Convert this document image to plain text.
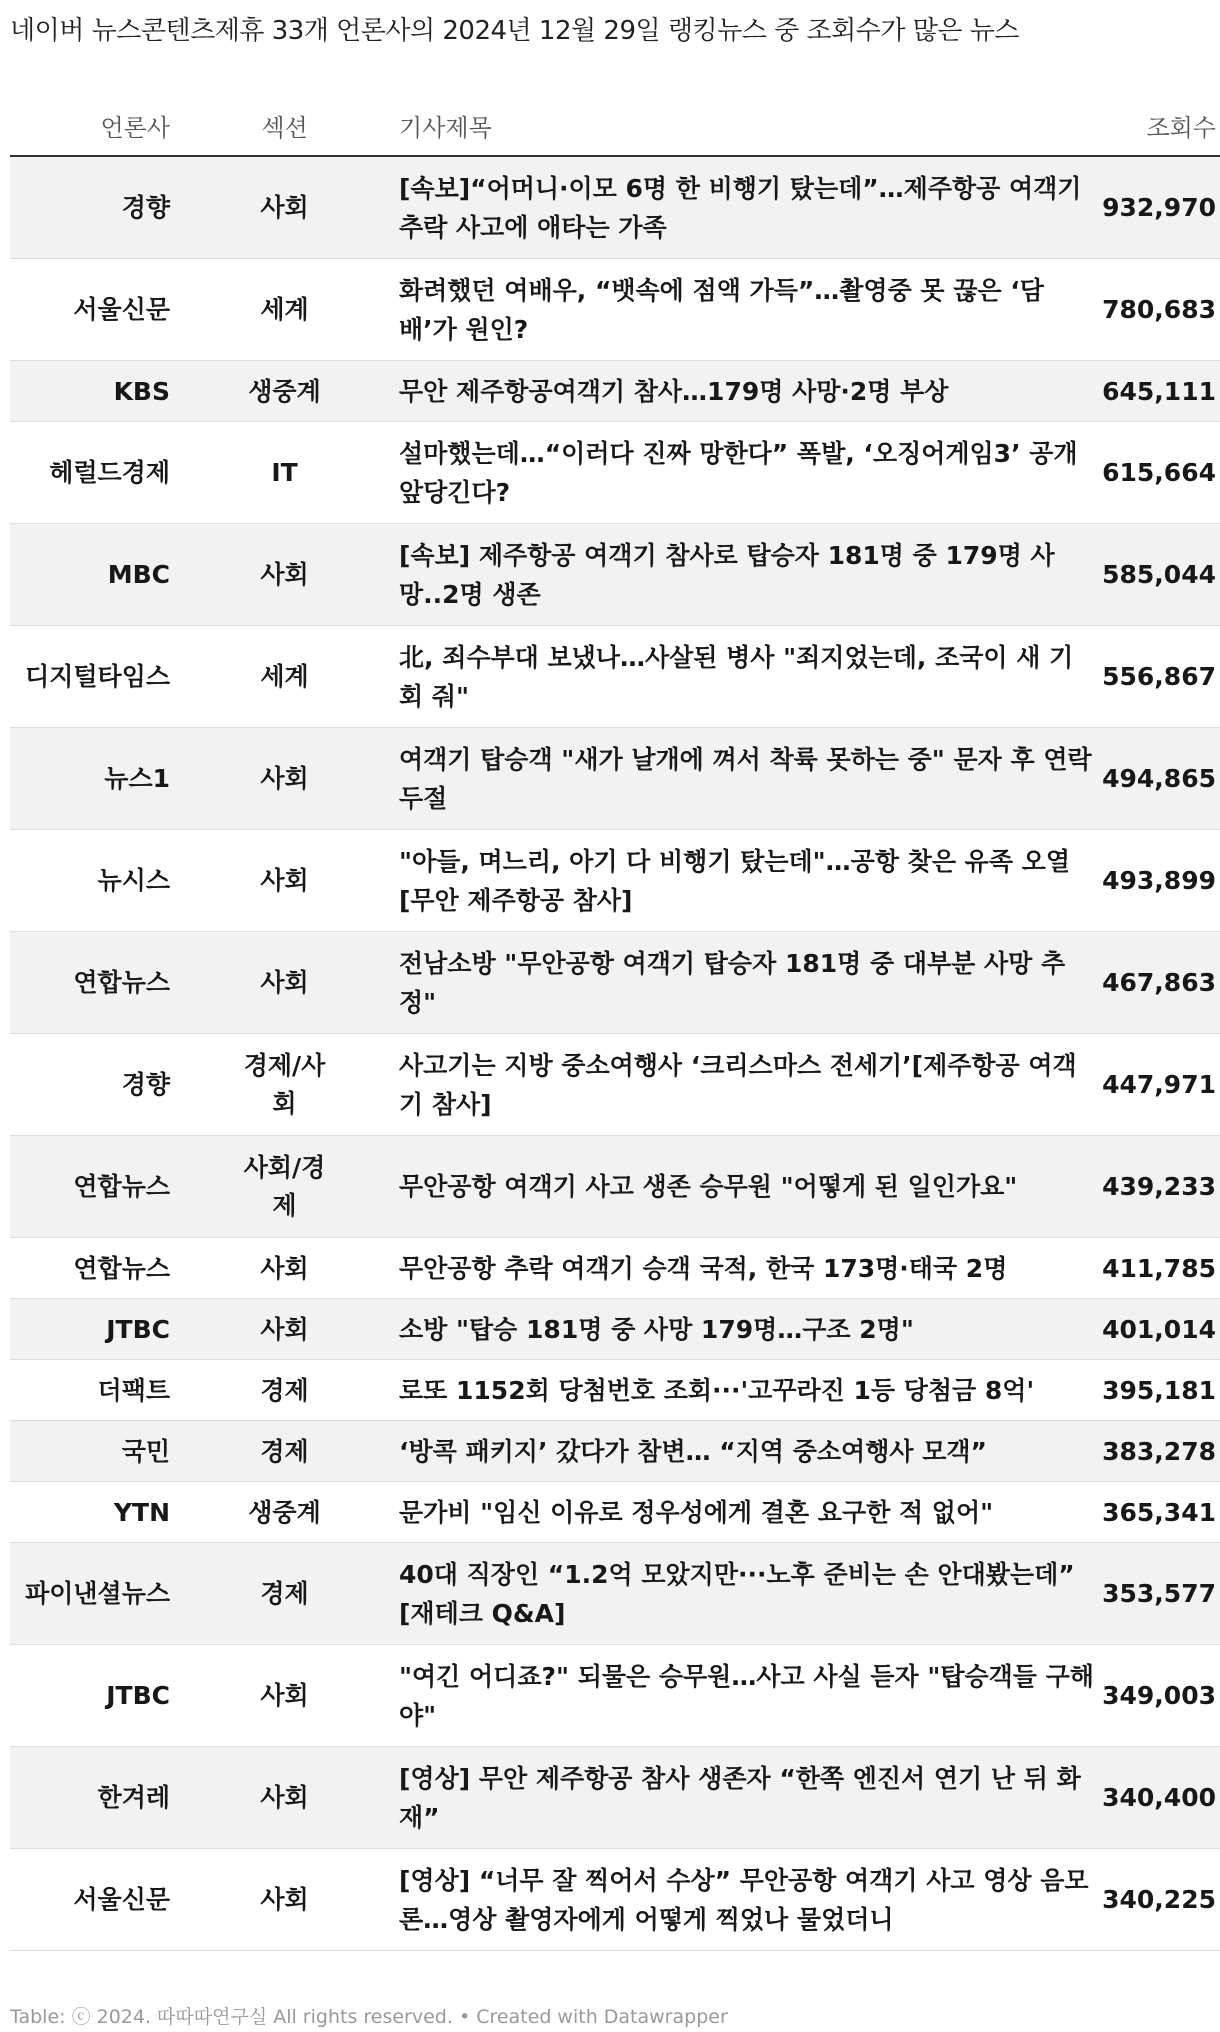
네이버 뉴스콘텐츠제휴 33개 언론사의 2024년 12월 29일 랭킹뉴스 중 조회수가 많은 뉴스
언론사	섹션	기사제목	조회수
경향	사회	[속보]“어머니·이모 6명 한 비행기 탔는데”…제주항공 여객기 추락 사고에 애타는 가족	932,970
서울신문	세계	화려했던 여배우, “뱃속에 점액 가득”…촬영중 못 끊은 ‘담배’가 원인?	780,683
KBS	생중계	무안 제주항공여객기 참사…179명 사망·2명 부상	645,111
헤럴드경제	IT	설마했는데…“이러다 진짜 망한다” 폭발, ‘오징어게임3’ 공개 앞당긴다?	615,664
MBC	사회	[속보] 제주항공 여객기 참사로 탑승자 181명 중 179명 사망..2명 생존	585,044
디지털타임스	세계	北, 죄수부대 보냈나…사살된 병사 "죄지었는데, 조국이 새 기회 줘"	556,867
뉴스1	사회	여객기 탑승객 "새가 날개에 껴서 착륙 못하는 중" 문자 후 연락두절	494,865
뉴시스	사회	"아들, 며느리, 아기 다 비행기 탔는데"…공항 찾은 유족 오열[무안 제주항공 참사]	493,899
연합뉴스	사회	전남소방 "무안공항 여객기 탑승자 181명 중 대부분 사망 추정"	467,863
경향	경제/사회	사고기는 지방 중소여행사 ‘크리스마스 전세기’[제주항공 여객기 참사]	447,971
연합뉴스	사회/경제	무안공항 여객기 사고 생존 승무원 "어떻게 된 일인가요"	439,233
연합뉴스	사회	무안공항 추락 여객기 승객 국적, 한국 173명·태국 2명	411,785
JTBC	사회	소방 "탑승 181명 중 사망 179명…구조 2명"	401,014
더팩트	경제	로또 1152회 당첨번호 조회···'고꾸라진 1등 당첨금 8억'	395,181
국민	경제	‘방콕 패키지’ 갔다가 참변… “지역 중소여행사 모객”	383,278
YTN	생중계	문가비 "임신 이유로 정우성에게 결혼 요구한 적 없어"	365,341
파이낸셜뉴스	경제	40대 직장인 “1.2억 모았지만···노후 준비는 손 안대봤는데” [재테크 Q&A]	353,577
JTBC	사회	"여긴 어디죠?" 되물은 승무원…사고 사실 듣자 "탑승객들 구해야"	349,003
한겨레	사회	[영상] 무안 제주항공 참사 생존자 “한쪽 엔진서 연기 난 뒤 화재”	340,400
서울신문	사회	[영상] “너무 잘 찍어서 수상” 무안공항 여객기 사고 영상 음모론…영상 촬영자에게 어떻게 찍었나 물었더니	340,225
Table: ⓒ 2024. 따따따연구실 All rights reserved. • Created with Datawrapper
